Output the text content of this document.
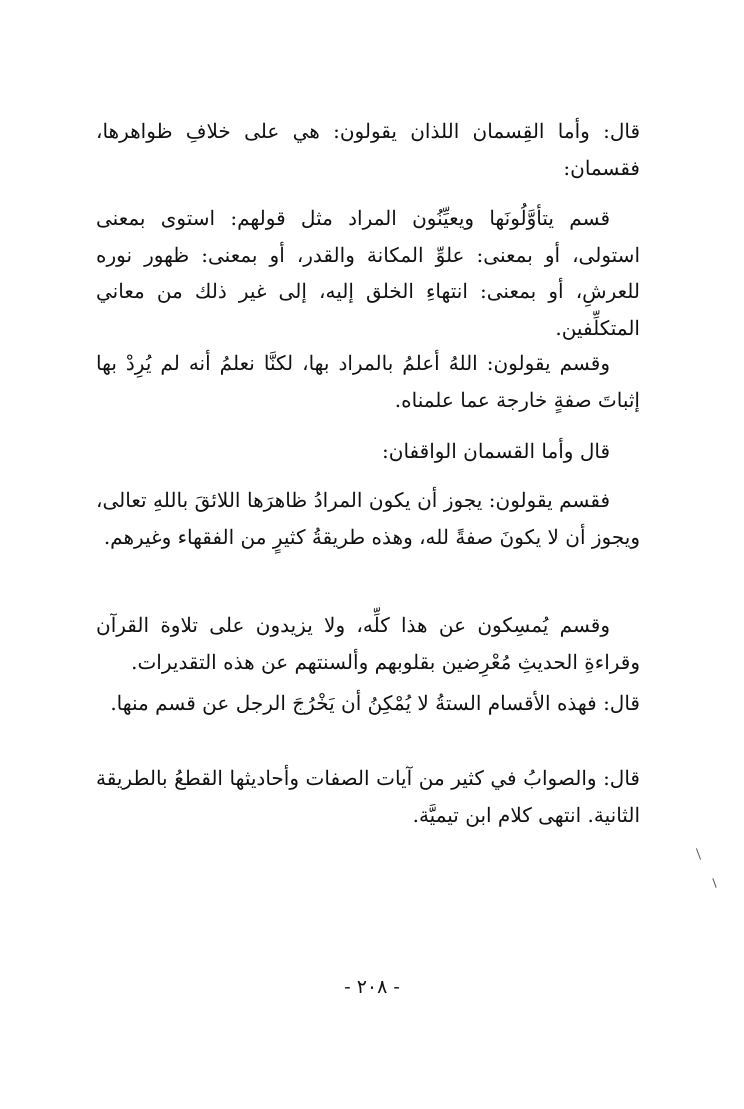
قال: وأما القِسمان اللذان يقولون: هي على خلافِ ظواهرها، فقسمان:

قسم يتأوَّلُونَها ويعيِّنُون المراد مثل قولهم: استوى بمعنى استولى، أو بمعنى: علوِّ المكانة والقدر، أو بمعنى: ظهور نوره للعرشِ، أو بمعنى: انتهاءِ الخلق إليه، إلى غير ذلك من معاني المتكلِّفين.

وقسم يقولون: اللهُ أعلمُ بالمراد بها، لكنَّا نعلمُ أنه لم يُرِدْ بها إثباتَ صفةٍ خارجة عما علمناه.

قال وأما القسمان الواقفان:

فقسم يقولون: يجوز أن يكون المرادُ ظاهرَها اللائقَ باللهِ تعالى، ويجوز أن لا يكونَ صفةً لله، وهذه طريقةُ كثيرٍ من الفقهاء وغيرهم.

وقسم يُمسِكون عن هذا كلِّه، ولا يزيدون على تلاوة القرآن وقراءةِ الحديثِ مُعْرِضين بقلوبهم وألسنتهم عن هذه التقديرات.

قال: فهذه الأقسام الستةُ لا يُمْكِنُ أن يَخْرُجَ الرجل عن قسم منها.

قال: والصوابُ في كثير من آيات الصفات وأحاديثها القطعُ بالطريقة الثانية. انتهى كلام ابن تيميَّة.

- ٢٠٨ -
